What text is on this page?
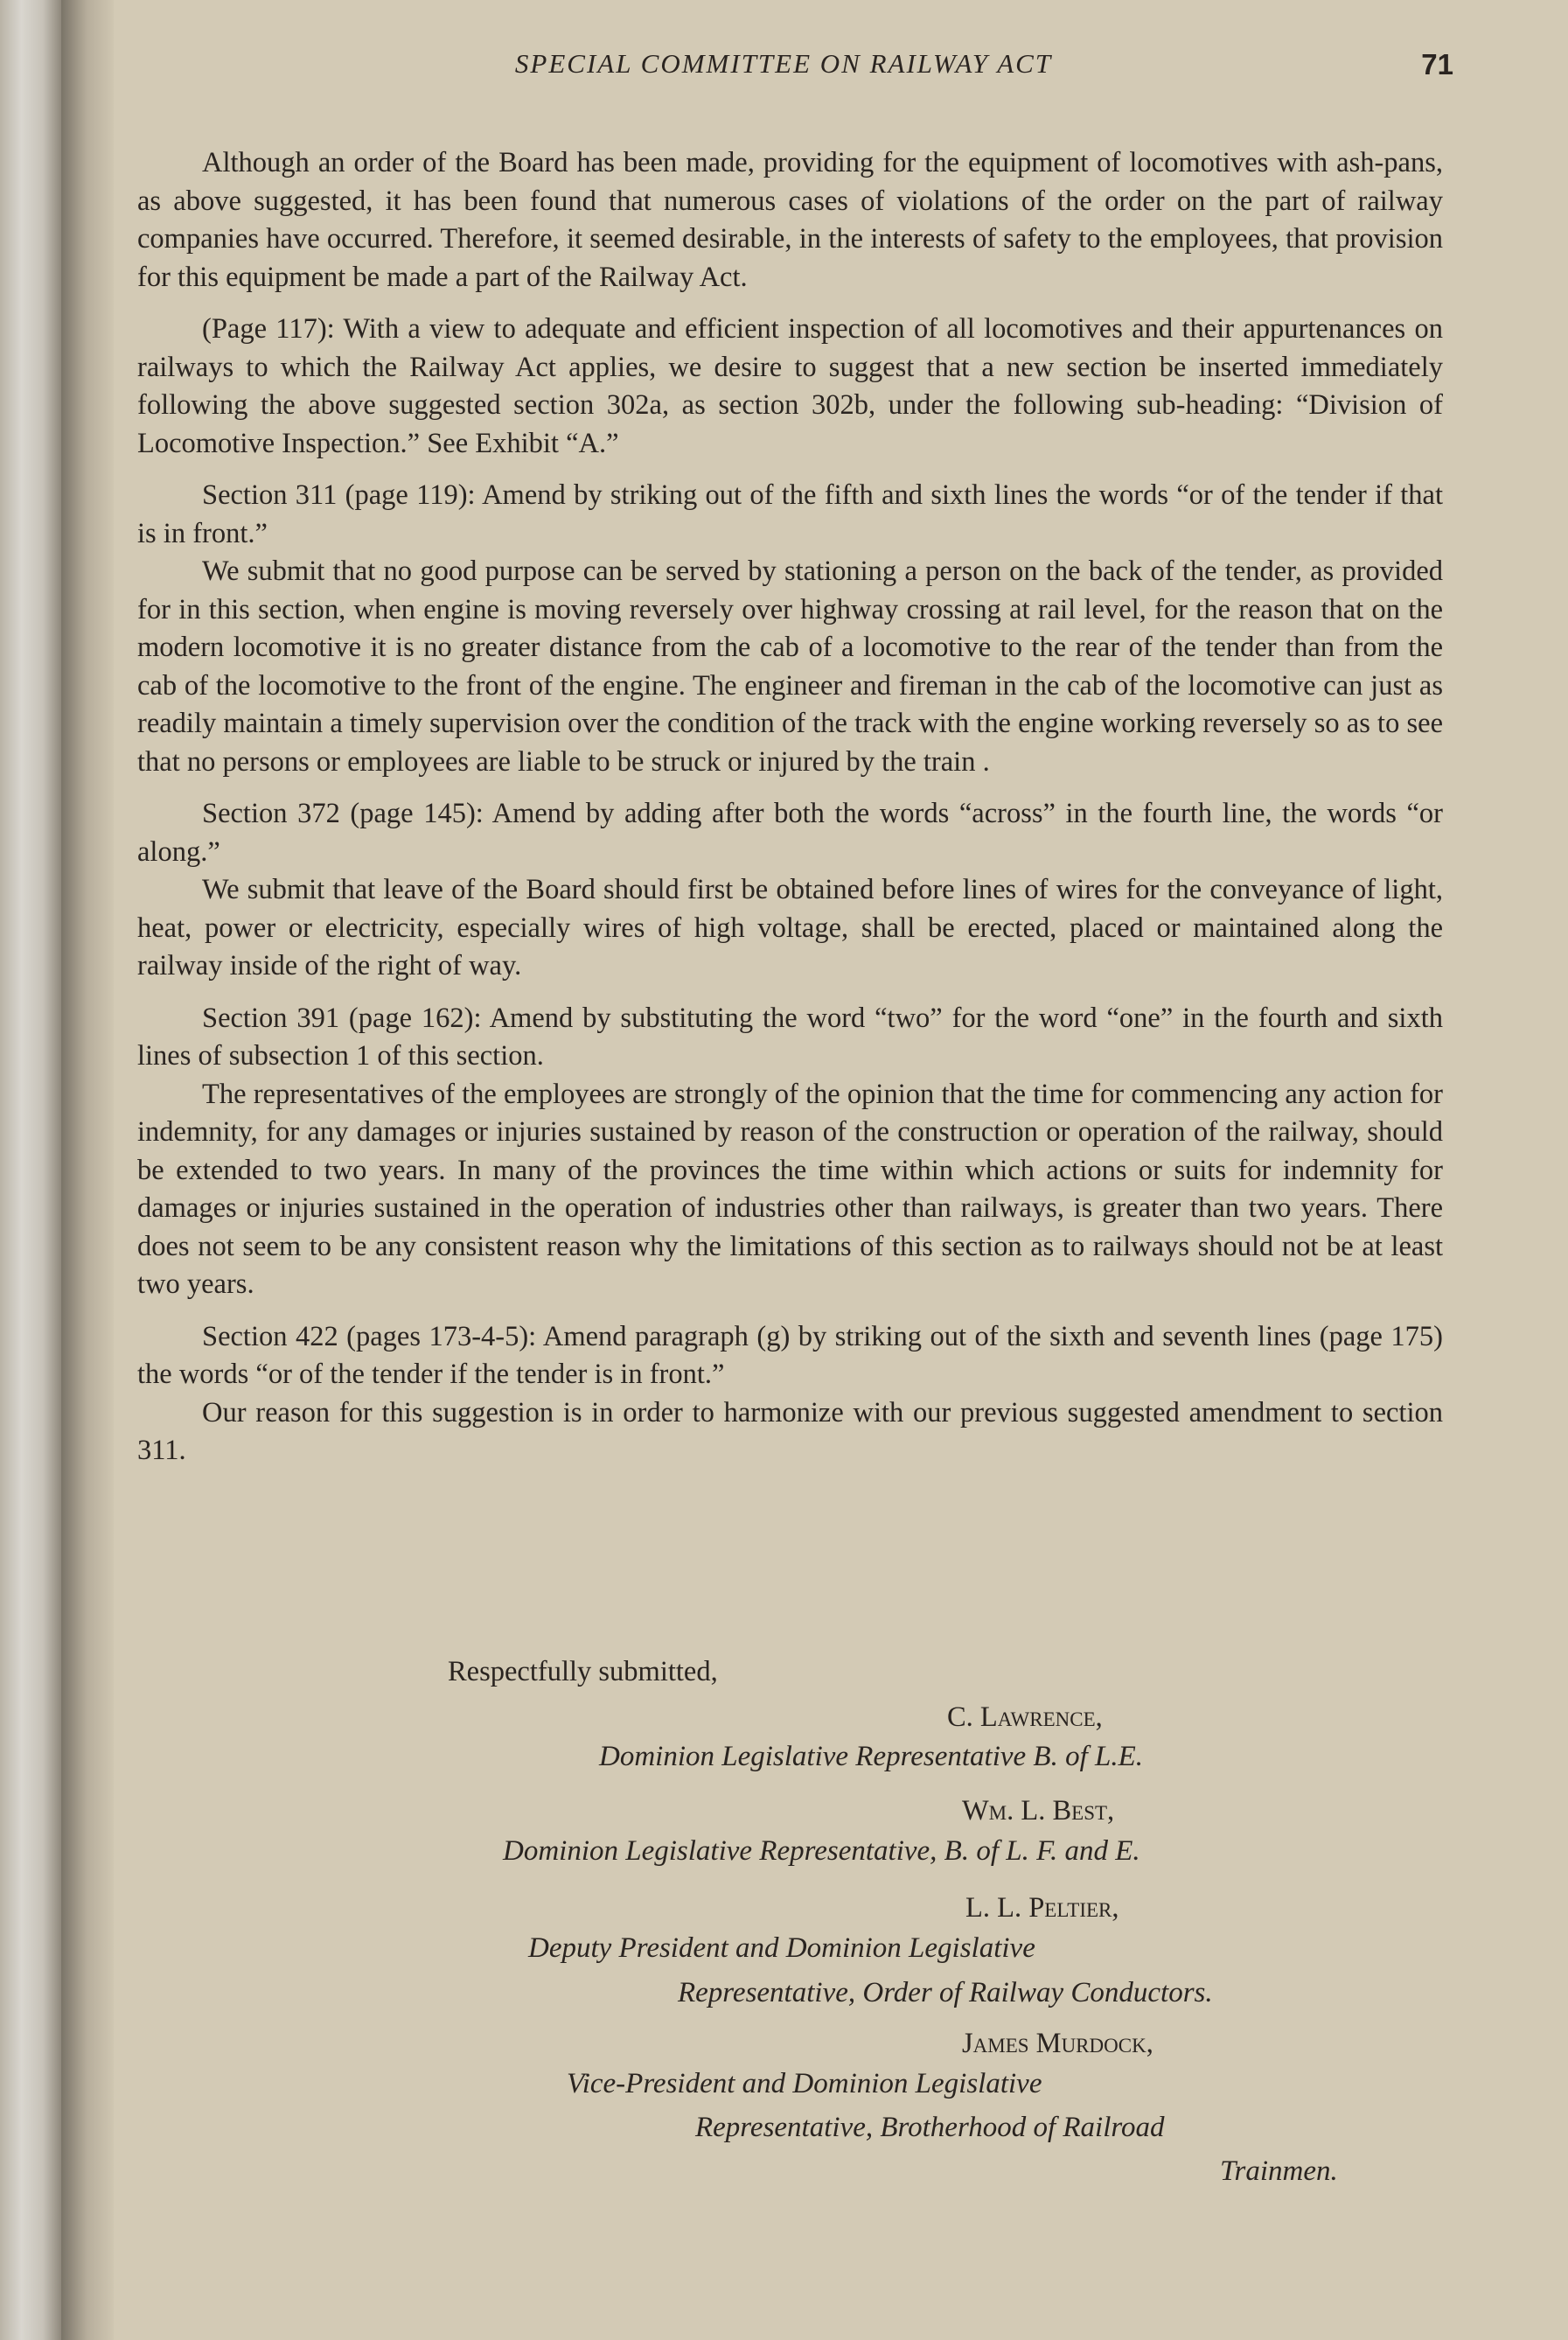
SPECIAL COMMITTEE ON RAILWAY ACT	71

Although an order of the Board has been made, providing for the equipment of locomotives with ash-pans, as above suggested, it has been found that numerous cases of violations of the order on the part of railway companies have occurred. Therefore, it seemed desirable, in the interests of safety to the employees, that provision for this equipment be made a part of the Railway Act.

(Page 117): With a view to adequate and efficient inspection of all locomotives and their appurtenances on railways to which the Railway Act applies, we desire to suggest that a new section be inserted immediately following the above suggested section 302a, as section 302b, under the following sub-heading: “Division of Locomotive Inspection.” See Exhibit “A.”

Section 311 (page 119): Amend by striking out of the fifth and sixth lines the words “or of the tender if that is in front.”

We submit that no good purpose can be served by stationing a person on the back of the tender, as provided for in this section, when engine is moving reversely over highway crossing at rail level, for the reason that on the modern locomotive it is no greater distance from the cab of a locomotive to the rear of the tender than from the cab of the locomotive to the front of the engine. The engineer and fireman in the cab of the locomotive can just as readily maintain a timely supervision over the condition of the track with the engine working reversely so as to see that no persons or employees are liable to be struck or injured by the train .

Section 372 (page 145): Amend by adding after both the words “across” in the fourth line, the words “or along.”

We submit that leave of the Board should first be obtained before lines of wires for the conveyance of light, heat, power or electricity, especially wires of high voltage, shall be erected, placed or maintained along the railway inside of the right of way.

Section 391 (page 162): Amend by substituting the word “two” for the word “one” in the fourth and sixth lines of subsection 1 of this section.

The representatives of the employees are strongly of the opinion that the time for commencing any action for indemnity, for any damages or injuries sustained by reason of the construction or operation of the railway, should be extended to two years. In many of the provinces the time within which actions or suits for indemnity for damages or injuries sustained in the operation of industries other than railways, is greater than two years. There does not seem to be any consistent reason why the limitations of this section as to railways should not be at least two years.

Section 422 (pages 173-4-5): Amend paragraph (g) by striking out of the sixth and seventh lines (page 175) the words “or of the tender if the tender is in front.”

Our reason for this suggestion is in order to harmonize with our previous suggested amendment to section 311.

Respectfully submitted,
C. Lawrence,
Dominion Legislative Representative B. of L.E.
Wm. L. Best,
Dominion Legislative Representative, B. of L. F. and E.
L. L. Peltier,
Deputy President and Dominion Legislative
Representative, Order of Railway Conductors.
James Murdock,
Vice-President and Dominion Legislative
Representative, Brotherhood of Railroad
Trainmen.
